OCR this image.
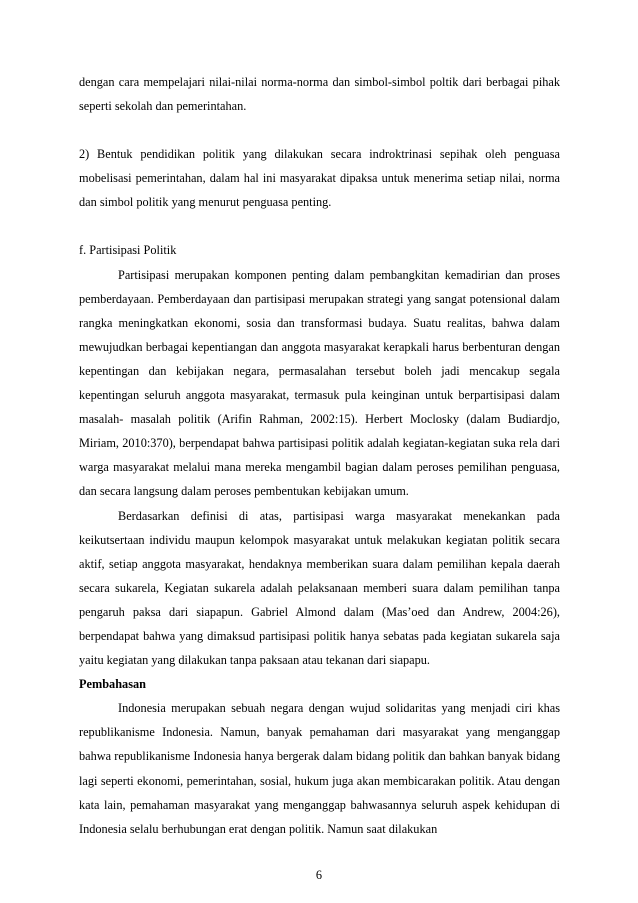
dengan cara mempelajari nilai-nilai norma-norma dan simbol-simbol poltik dari berbagai pihak seperti sekolah dan pemerintahan.

2) Bentuk pendidikan politik yang dilakukan secara indroktrinasi sepihak oleh penguasa mobelisasi pemerintahan, dalam hal ini masyarakat dipaksa untuk menerima setiap nilai, norma dan simbol politik yang menurut penguasa penting.

f. Partisipasi Politik

Partisipasi merupakan komponen penting dalam pembangkitan kemadirian dan proses pemberdayaan. Pemberdayaan dan partisipasi merupakan strategi yang sangat potensional dalam rangka meningkatkan ekonomi, sosia dan transformasi budaya. Suatu realitas, bahwa dalam mewujudkan berbagai kepentiangan dan anggota masyarakat kerapkali harus berbenturan dengan kepentingan dan kebijakan negara, permasalahan tersebut boleh jadi mencakup segala kepentingan seluruh anggota masyarakat, termasuk pula keinginan untuk berpartisipasi dalam masalah- masalah politik (Arifin Rahman, 2002:15). Herbert Moclosky (dalam Budiardjo, Miriam, 2010:370), berpendapat bahwa partisipasi politik adalah kegiatan-kegiatan suka rela dari warga masyarakat melalui mana mereka mengambil bagian dalam peroses pemilihan penguasa, dan secara langsung dalam peroses pembentukan kebijakan umum.

Berdasarkan definisi di atas, partisipasi warga masyarakat menekankan pada keikutsertaan individu maupun kelompok masyarakat untuk melakukan kegiatan politik secara aktif, setiap anggota masyarakat, hendaknya memberikan suara dalam pemilihan kepala daerah secara sukarela, Kegiatan sukarela adalah pelaksanaan memberi suara dalam pemilihan tanpa pengaruh paksa dari siapapun. Gabriel Almond dalam (Mas’oed dan Andrew, 2004:26), berpendapat bahwa yang dimaksud partisipasi politik hanya sebatas pada kegiatan sukarela saja yaitu kegiatan yang dilakukan tanpa paksaan atau tekanan dari siapapu.

Pembahasan

Indonesia merupakan sebuah negara dengan wujud solidaritas yang menjadi ciri khas republikanisme Indonesia. Namun, banyak pemahaman dari masyarakat yang menganggap bahwa republikanisme Indonesia hanya bergerak dalam bidang politik dan bahkan banyak bidang lagi seperti ekonomi, pemerintahan, sosial, hukum juga akan membicarakan politik. Atau dengan kata lain, pemahaman masyarakat yang menganggap bahwasannya seluruh aspek kehidupan di Indonesia selalu berhubungan erat dengan politik. Namun saat dilakukan

6
